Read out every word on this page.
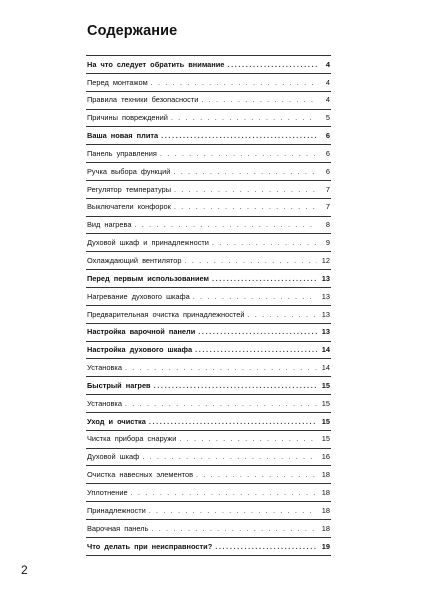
Содержание
На что следует обратить внимание .....	4
Перед монтажом . . .	4
Правила техники безопасности . . .	4
Причины повреждений . . .	5
Ваша новая плита .....	6
Панель управления . . .	6
Ручка выбора функций . . .	6
Регулятор температуры . . .	7
Выключатели конфорок . . .	7
Вид нагрева . . .	8
Духовой шкаф и принадлежности . . .	9
Охлаждающий вентилятор . . .	12
Перед первым использованием .....	13
Нагревание духового шкафа . . .	13
Предварительная очистка принадлежностей . . .	13
Настройка варочной панели .....	13
Настройка духового шкафа .....	14
Установка . . .	14
Быстрый нагрев .....	15
Установка . . .	15
Уход и очистка .....	15
Чистка прибора снаружи . . .	15
Духовой шкаф . . .	16
Очистка навесных элементов . . .	18
Уплотнение . . .	18
Принадлежности . . .	18
Варочная панель . . .	18
Что делать при неисправности? .....	19
2
